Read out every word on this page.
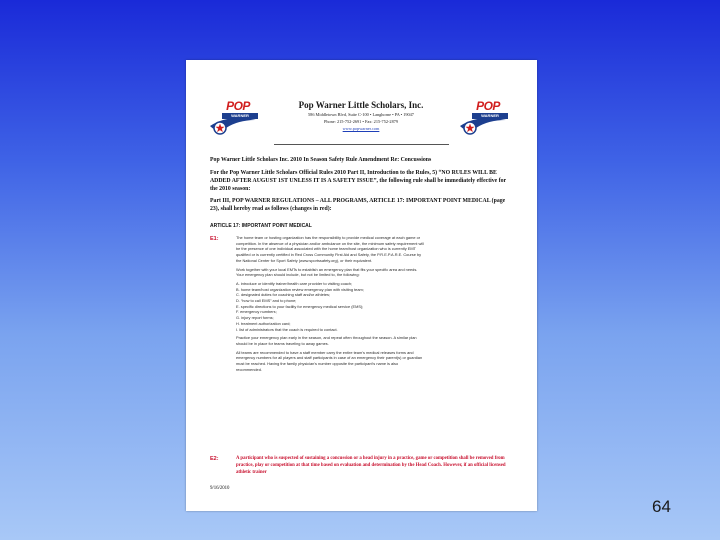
POP
WARNER
Pop Warner Little Scholars, Inc.
586 Middletown Blvd, Suite C-100 • Langhorne • PA • 19047
Phone: 215-752-2691 • Fax: 215-752-2879
www.popwarner.com
POP
WARNER
Pop Warner Little Scholars Inc. 2010 In Season Safety Rule Amendment Re: Concussions
For the Pop Warner Little Scholars Official Rules 2010 Part II, Introduction to the Rules, 5) “NO RULES WILL BE ADDED AFTER AUGUST 1ST UNLESS IT IS A SAFETY ISSUE”, the following rule shall be immediately effective for the 2010 season:
Part III, POP WARNER REGULATIONS – ALL PROGRAMS, ARTICLE 17: IMPORTANT POINT MEDICAL (page 23), shall hereby read as follows (changes in red):
ARTICLE 17: IMPORTANT POINT MEDICAL
E1:	The home team or hosting organization has the responsibility to provide medical coverage at each game or competition. In the absence of a physician and/or ambulance on the site, the minimum safety requirement will be the presence of one individual associated with the home team/host organization who is currently EMT qualified or is currently certified in Red Cross Community First Aid and Safety, the P.R.E.P.A.R.E. Course by the National Center for Sport Safety (www.sportssafety.org), or their equivalent.

Work together with your local EMTs to establish an emergency plan that fits your specific area and needs. Your emergency plan should include, but not be limited to, the following:

A. introduce or identify trainer/health care provider to visiting coach;
B. home team/host organization review emergency plan with visiting team;
C. designated duties for coaching staff and/or athletes;
D. “how to call EMS” and to phone;
E. specific directions to your facility for emergency medical service (EMS);
F. emergency numbers;
G. injury report forms;
H. treatment authorization card;

I. list of administrators that the coach is required to contact.

Practice your emergency plan early in the season, and repeat often throughout the season. A similar plan should be in place for teams traveling to away games.

All teams are recommended to have a staff member carry the entire team's medical releases forms and emergency numbers for all players and staff participants in case of an emergency their parent(s) or guardian must be reached. Having the family physician's number opposite the participant's name is also recommended.

E2:	A participant who is suspected of sustaining a concussion or a head injury in a practice, game or competition shall be removed from practice, play or competition at that time based on evaluation and determination by the Head Coach. However, if an official licensed athletic trainer
9/16/2010
64
